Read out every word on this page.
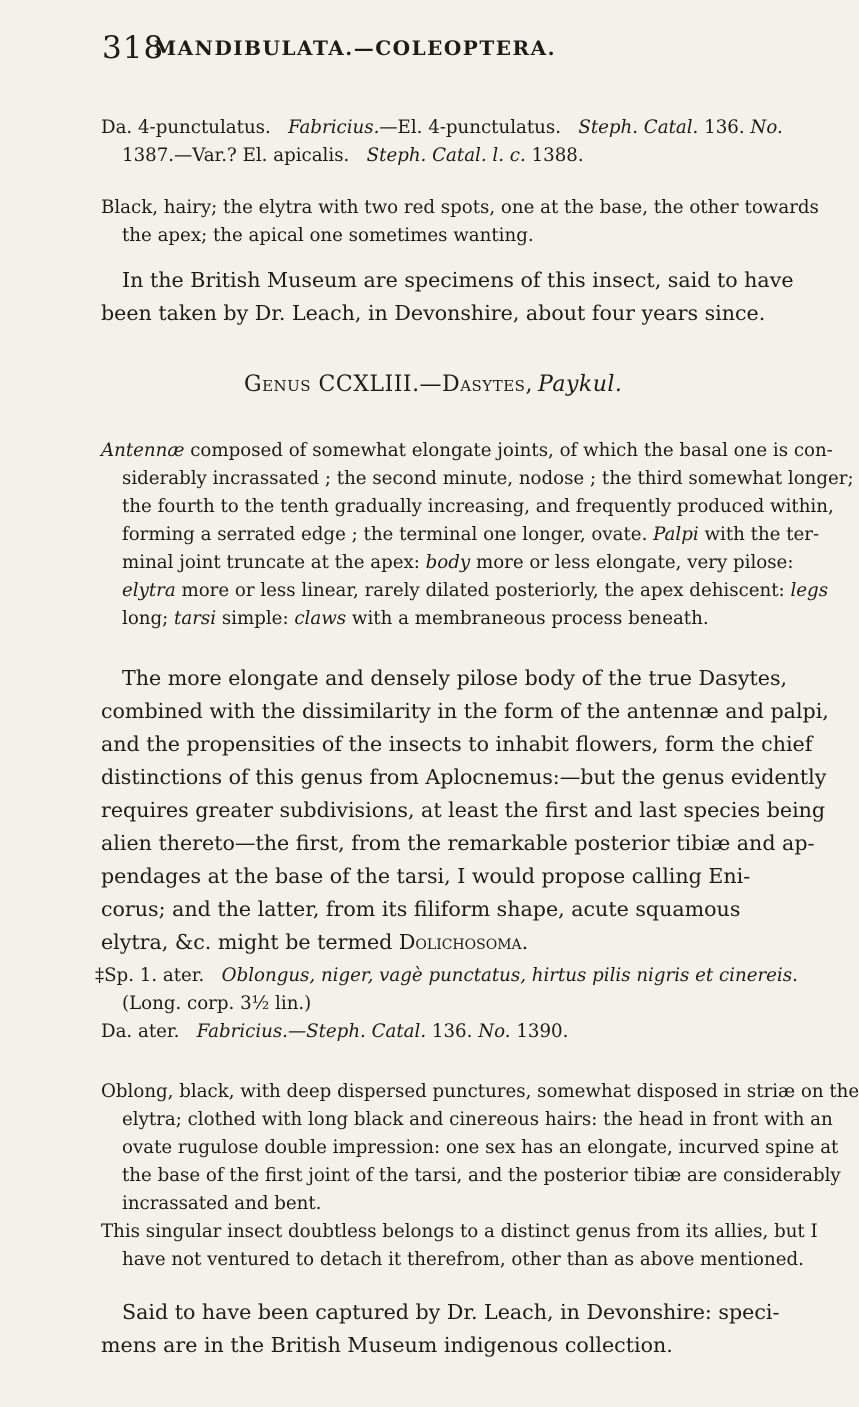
318
MANDIBULATA.—COLEOPTERA.
Da. 4-punctulatus. Fabricius.—El. 4-punctulatus. Steph. Catal. 136. No.
1387.—Var.? El. apicalis. Steph. Catal. l. c. 1388.
Black, hairy; the elytra with two red spots, one at the base, the other towards
the apex; the apical one sometimes wanting.
In the British Museum are specimens of this insect, said to have
been taken by Dr. Leach, in Devonshire, about four years since.
Genus CCXLIII.—Dasytes, Paykul.
Antennæ composed of somewhat elongate joints, of which the basal one is con-
siderably incrassated ; the second minute, nodose ; the third somewhat longer;
the fourth to the tenth gradually increasing, and frequently produced within,
forming a serrated edge ; the terminal one longer, ovate. Palpi with the ter-
minal joint truncate at the apex: body more or less elongate, very pilose:
elytra more or less linear, rarely dilated posteriorly, the apex dehiscent: legs
long; tarsi simple: claws with a membraneous process beneath.
The more elongate and densely pilose body of the true Dasytes,
combined with the dissimilarity in the form of the antennæ and palpi,
and the propensities of the insects to inhabit flowers, form the chief
distinctions of this genus from Aplocnemus:—but the genus evidently
requires greater subdivisions, at least the first and last species being
alien thereto—the first, from the remarkable posterior tibiæ and ap-
pendages at the base of the tarsi, I would propose calling Eni-
corus; and the latter, from its filiform shape, acute squamous
elytra, &c. might be termed Dolichosoma.
‡Sp. 1. ater. Oblongus, niger, vagè punctatus, hirtus pilis nigris et cinereis.
(Long. corp. 3½ lin.)
Da. ater. Fabricius.—Steph. Catal. 136. No. 1390.
Oblong, black, with deep dispersed punctures, somewhat disposed in striæ on the
elytra; clothed with long black and cinereous hairs: the head in front with an
ovate rugulose double impression: one sex has an elongate, incurved spine at
the base of the first joint of the tarsi, and the posterior tibiæ are considerably
incrassated and bent.
This singular insect doubtless belongs to a distinct genus from its allies, but I
have not ventured to detach it therefrom, other than as above mentioned.
Said to have been captured by Dr. Leach, in Devonshire: speci-
mens are in the British Museum indigenous collection.
